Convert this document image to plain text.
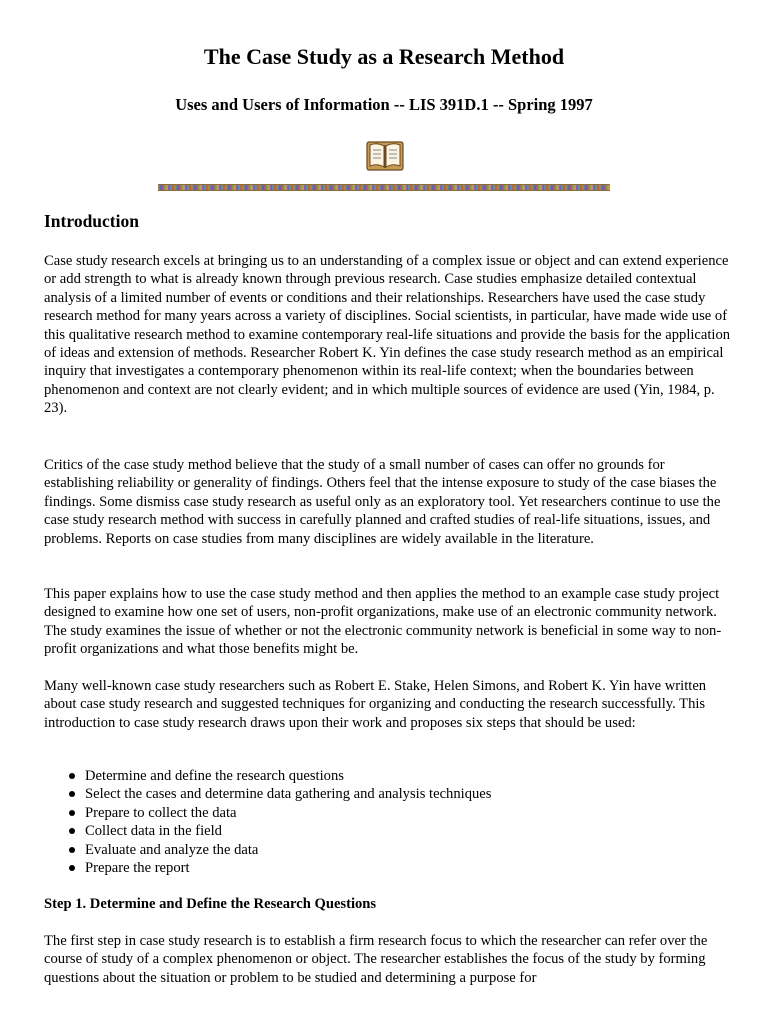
The Case Study as a Research Method
Uses and Users of Information -- LIS 391D.1 -- Spring 1997
Introduction

Case study research excels at bringing us to an understanding of a complex issue or object and can extend experience or add strength to what is already known through previous research. Case studies emphasize detailed contextual analysis of a limited number of events or conditions and their relationships. Researchers have used the case study research method for many years across a variety of disciplines. Social scientists, in particular, have made wide use of this qualitative research method to examine contemporary real-life situations and provide the basis for the application of ideas and extension of methods. Researcher Robert K. Yin defines the case study research method as an empirical inquiry that investigates a contemporary phenomenon within its real-life context; when the boundaries between phenomenon and context are not clearly evident; and in which multiple sources of evidence are used (Yin, 1984, p. 23).

Critics of the case study method believe that the study of a small number of cases can offer no grounds for establishing reliability or generality of findings. Others feel that the intense exposure to study of the case biases the findings. Some dismiss case study research as useful only as an exploratory tool. Yet researchers continue to use the case study research method with success in carefully planned and crafted studies of real-life situations, issues, and problems. Reports on case studies from many disciplines are widely available in the literature.

This paper explains how to use the case study method and then applies the method to an example case study project designed to examine how one set of users, non-profit organizations, make use of an electronic community network. The study examines the issue of whether or not the electronic community network is beneficial in some way to non-profit organizations and what those benefits might be.

Many well-known case study researchers such as Robert E. Stake, Helen Simons, and Robert K. Yin have written about case study research and suggested techniques for organizing and conducting the research successfully. This introduction to case study research draws upon their work and proposes six steps that should be used:

Determine and define the research questions
Select the cases and determine data gathering and analysis techniques
Prepare to collect the data
Collect data in the field
Evaluate and analyze the data
Prepare the report
Step 1. Determine and Define the Research Questions

The first step in case study research is to establish a firm research focus to which the researcher can refer over the course of study of a complex phenomenon or object. The researcher establishes the focus of the study by forming questions about the situation or problem to be studied and determining a purpose for
